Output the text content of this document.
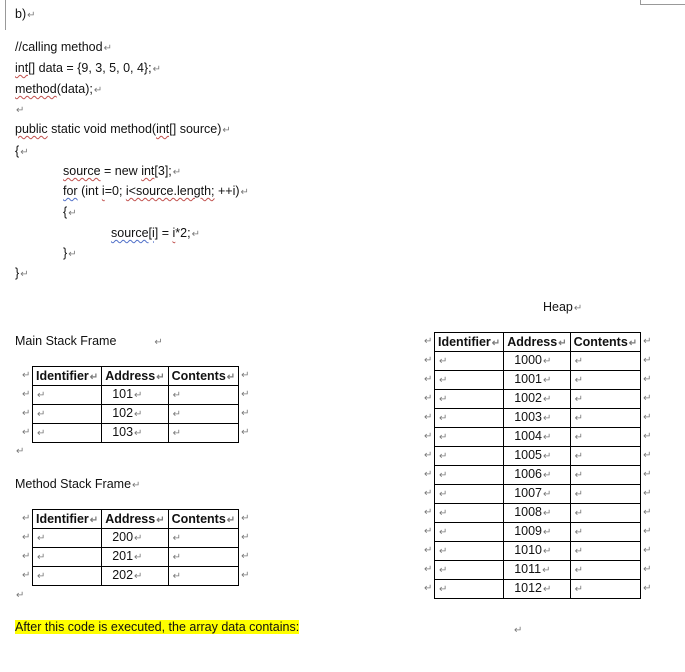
b)↵
//calling method↵
int[] data = {9, 3, 5, 0, 4};↵
method(data);↵
↵
public static void method(int[] source)↵
{↵
source = new int[3];↵
for (int i=0; i<source.length; ++i)↵
{↵
source[i] = i*2;↵
}↵
}↵
Main Stack Frame	↵
Identifier↵	Address↵	Contents↵
↵	101↵	↵
↵	102↵	↵
↵	103↵	↵
↵
Method Stack Frame↵
Identifier↵	Address↵	Contents↵
↵	200↵	↵
↵	201↵	↵
↵	202↵	↵
↵
Heap↵
Identifier↵	Address↵	Contents↵
↵	1000↵	↵
↵	1001↵	↵
↵	1002↵	↵
↵	1003↵	↵
↵	1004↵	↵
↵	1005↵	↵
↵	1006↵	↵
↵	1007↵	↵
↵	1008↵	↵
↵	1009↵	↵
↵	1010↵	↵
↵	1011↵	↵
↵	1012↵	↵
After this code is executed, the array data contains:	↵
↵	↵
↵	↵
↵	↵
↵	↵
↵	↵
↵	↵
↵	↵
↵	↵
↵	↵
↵	↵
↵	↵
↵	↵
↵	↵
↵	↵
↵	↵
↵	↵
↵	↵
↵	↵
↵	↵
↵	↵
↵	↵
↵	↵
